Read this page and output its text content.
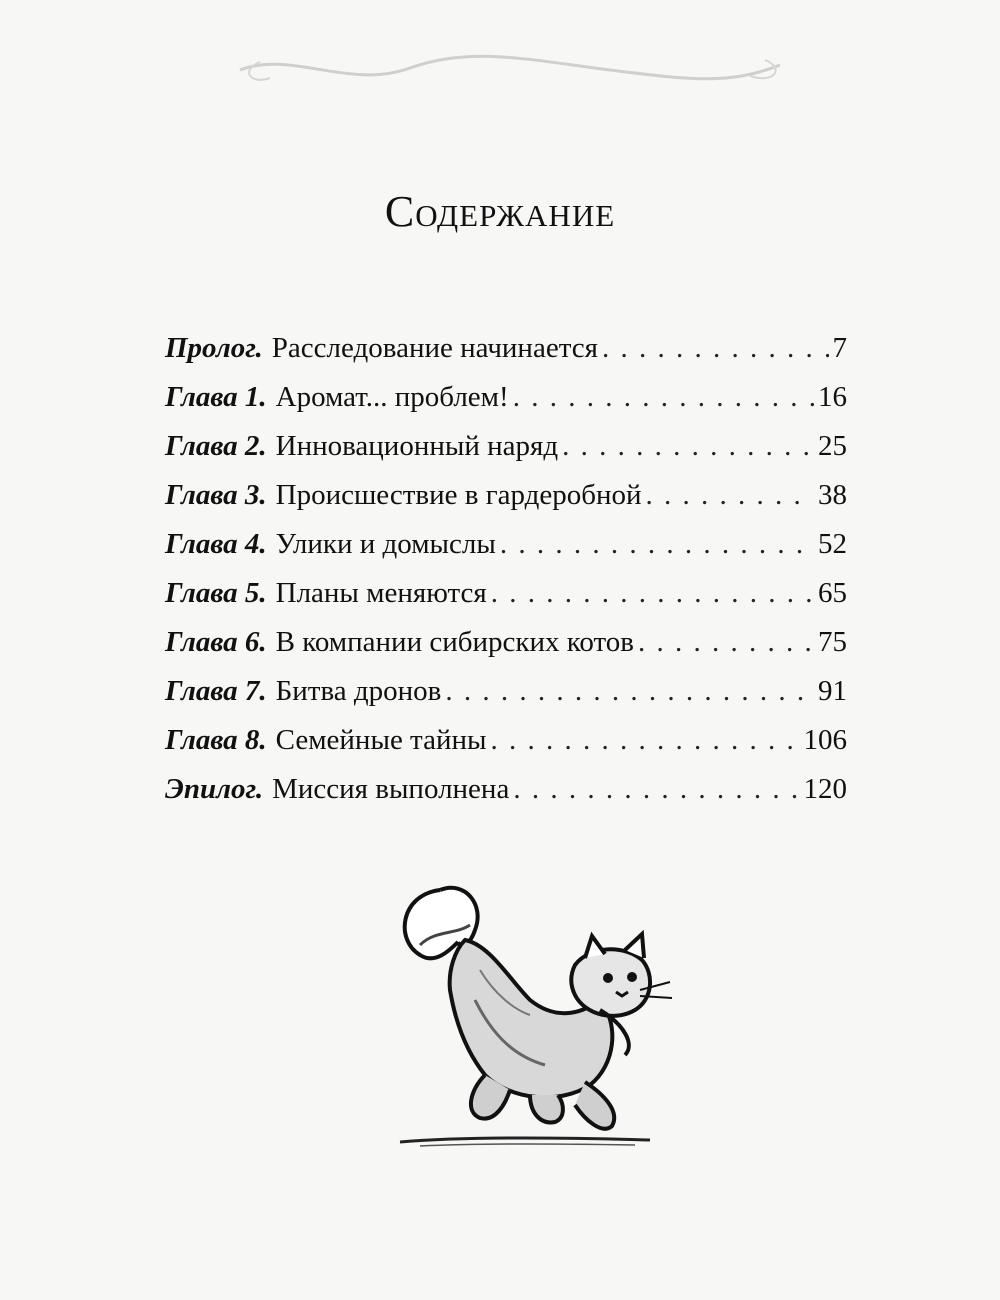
Содержание
Пролог. Расследование начинается . . .	7
Глава 1. Аромат... проблем! . . .	16
Глава 2. Инновационный наряд . . .	25
Глава 3. Происшествие в гардеробной . . .	38
Глава 4. Улики и домыслы . . .	52
Глава 5. Планы меняются . . .	65
Глава 6. В компании сибирских котов . . .	75
Глава 7. Битва дронов . . .	91
Глава 8. Семейные тайны . . .	106
Эпилог. Миссия выполнена . . .	120
